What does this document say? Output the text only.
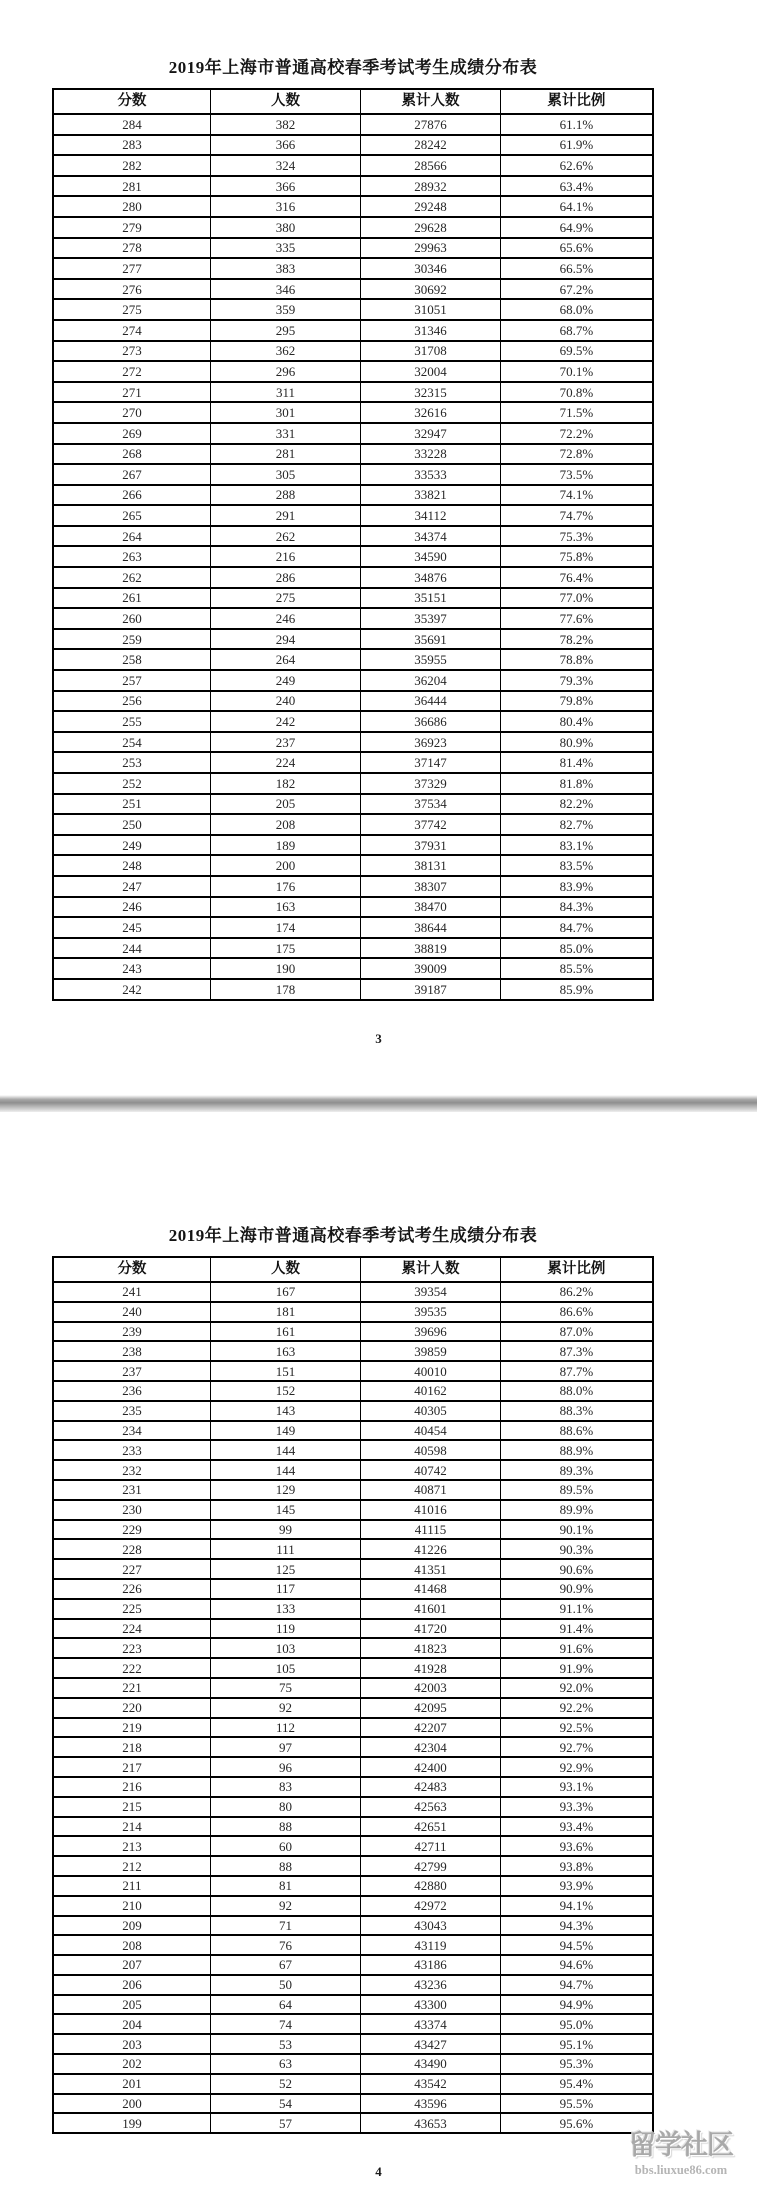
2019年上海市普通高校春季考试考生成绩分布表
分数	人数	累计人数	累计比例
284	382	27876	61.1%
283	366	28242	61.9%
282	324	28566	62.6%
281	366	28932	63.4%
280	316	29248	64.1%
279	380	29628	64.9%
278	335	29963	65.6%
277	383	30346	66.5%
276	346	30692	67.2%
275	359	31051	68.0%
274	295	31346	68.7%
273	362	31708	69.5%
272	296	32004	70.1%
271	311	32315	70.8%
270	301	32616	71.5%
269	331	32947	72.2%
268	281	33228	72.8%
267	305	33533	73.5%
266	288	33821	74.1%
265	291	34112	74.7%
264	262	34374	75.3%
263	216	34590	75.8%
262	286	34876	76.4%
261	275	35151	77.0%
260	246	35397	77.6%
259	294	35691	78.2%
258	264	35955	78.8%
257	249	36204	79.3%
256	240	36444	79.8%
255	242	36686	80.4%
254	237	36923	80.9%
253	224	37147	81.4%
252	182	37329	81.8%
251	205	37534	82.2%
250	208	37742	82.7%
249	189	37931	83.1%
248	200	38131	83.5%
247	176	38307	83.9%
246	163	38470	84.3%
245	174	38644	84.7%
244	175	38819	85.0%
243	190	39009	85.5%
242	178	39187	85.9%
3
2019年上海市普通高校春季考试考生成绩分布表
分数	人数	累计人数	累计比例
241	167	39354	86.2%
240	181	39535	86.6%
239	161	39696	87.0%
238	163	39859	87.3%
237	151	40010	87.7%
236	152	40162	88.0%
235	143	40305	88.3%
234	149	40454	88.6%
233	144	40598	88.9%
232	144	40742	89.3%
231	129	40871	89.5%
230	145	41016	89.9%
229	99	41115	90.1%
228	111	41226	90.3%
227	125	41351	90.6%
226	117	41468	90.9%
225	133	41601	91.1%
224	119	41720	91.4%
223	103	41823	91.6%
222	105	41928	91.9%
221	75	42003	92.0%
220	92	42095	92.2%
219	112	42207	92.5%
218	97	42304	92.7%
217	96	42400	92.9%
216	83	42483	93.1%
215	80	42563	93.3%
214	88	42651	93.4%
213	60	42711	93.6%
212	88	42799	93.8%
211	81	42880	93.9%
210	92	42972	94.1%
209	71	43043	94.3%
208	76	43119	94.5%
207	67	43186	94.6%
206	50	43236	94.7%
205	64	43300	94.9%
204	74	43374	95.0%
203	53	43427	95.1%
202	63	43490	95.3%
201	52	43542	95.4%
200	54	43596	95.5%
199	57	43653	95.6%
4
留学社区
bbs.liuxue86.com
